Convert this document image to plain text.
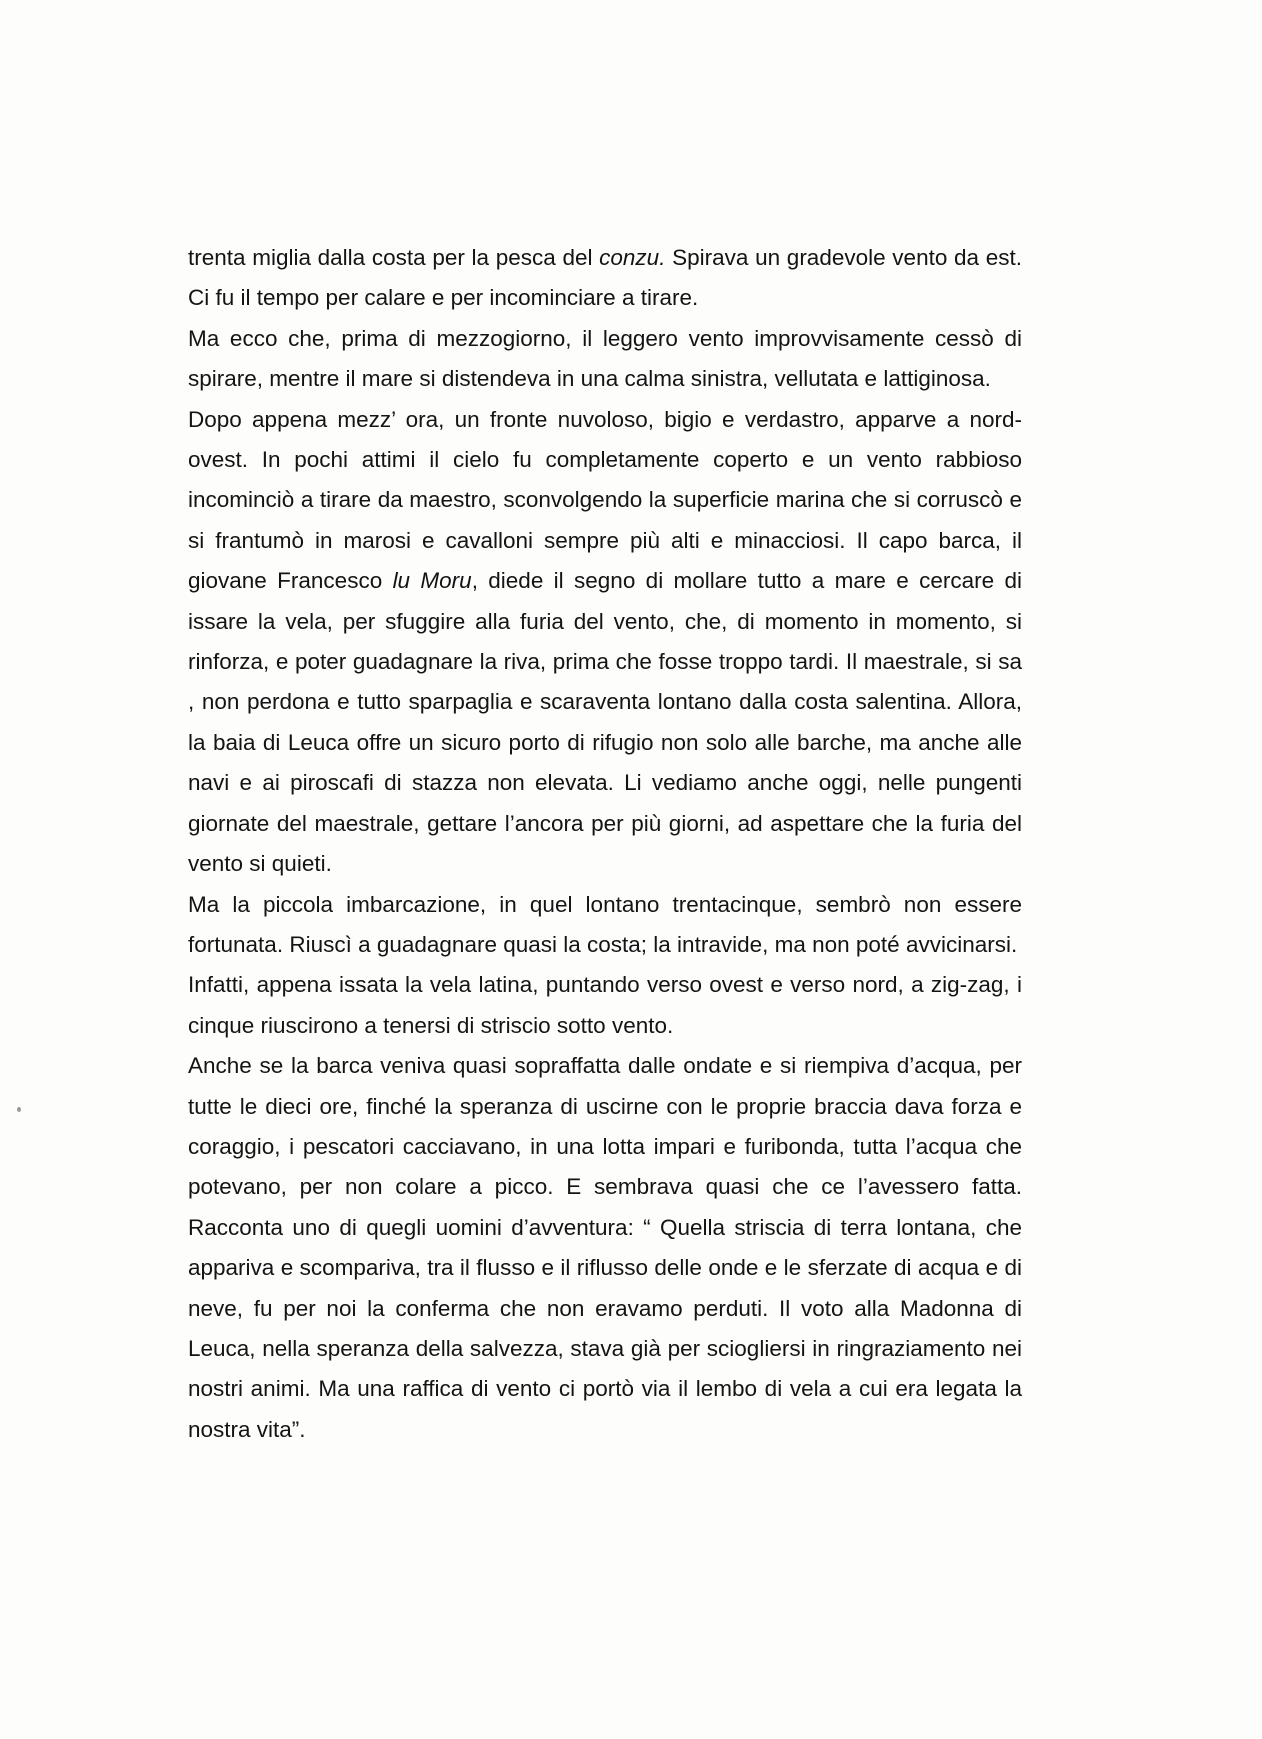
trenta miglia dalla costa per la pesca del conzu. Spirava un gradevole vento da est. Ci fu il tempo per calare e per incominciare a tirare.

Ma ecco che, prima di mezzogiorno, il leggero vento improvvisamente cessò di spirare, mentre il mare si distendeva in una calma sinistra, vellutata e lattiginosa.

Dopo appena mezz’ ora, un fronte nuvoloso, bigio e verdastro, apparve a nord-ovest. In pochi attimi il cielo fu completamente coperto e un vento rabbioso incominciò a tirare da maestro, sconvolgendo la superficie marina che si corruscò e si frantumò in marosi e cavalloni sempre più alti e minacciosi. Il capo barca, il giovane Francesco lu Moru, diede il segno di mollare tutto a mare e cercare di issare la vela, per sfuggire alla furia del vento, che, di momento in momento, si rinforza, e poter guadagnare la riva, prima che fosse troppo tardi. Il maestrale, si sa , non perdona e tutto sparpaglia e scaraventa lontano dalla costa salentina. Allora, la baia di Leuca offre un sicuro porto di rifugio non solo alle barche, ma anche alle navi e ai piroscafi di stazza non elevata. Li vediamo anche oggi, nelle pungenti giornate del maestrale, gettare l’ancora per più giorni, ad aspettare che la furia del vento si quieti.

Ma la piccola imbarcazione, in quel lontano trentacinque, sembrò non essere fortunata. Riuscì a guadagnare quasi la costa; la intravide, ma non poté avvicinarsi.

Infatti, appena issata la vela latina, puntando verso ovest e verso nord, a zig-zag, i cinque riuscirono a tenersi di striscio sotto vento.

Anche se la barca veniva quasi sopraffatta dalle ondate e si riempiva d’acqua, per tutte le dieci ore, finché la speranza di uscirne con le proprie braccia dava forza e coraggio, i pescatori cacciavano, in una lotta impari e furibonda, tutta l’acqua che potevano, per non colare a picco. E sembrava quasi che ce l’avessero fatta. Racconta uno di quegli uomini d’avventura: “ Quella striscia di terra lontana, che appariva e scompariva, tra il flusso e il riflusso delle onde e le sferzate di acqua e di neve, fu per noi la conferma che non eravamo perduti. Il voto alla Madonna di Leuca, nella speranza della salvezza, stava già per sciogliersi in ringraziamento nei nostri animi. Ma una raffica di vento ci portò via il lembo di vela a cui era legata la nostra vita”.
